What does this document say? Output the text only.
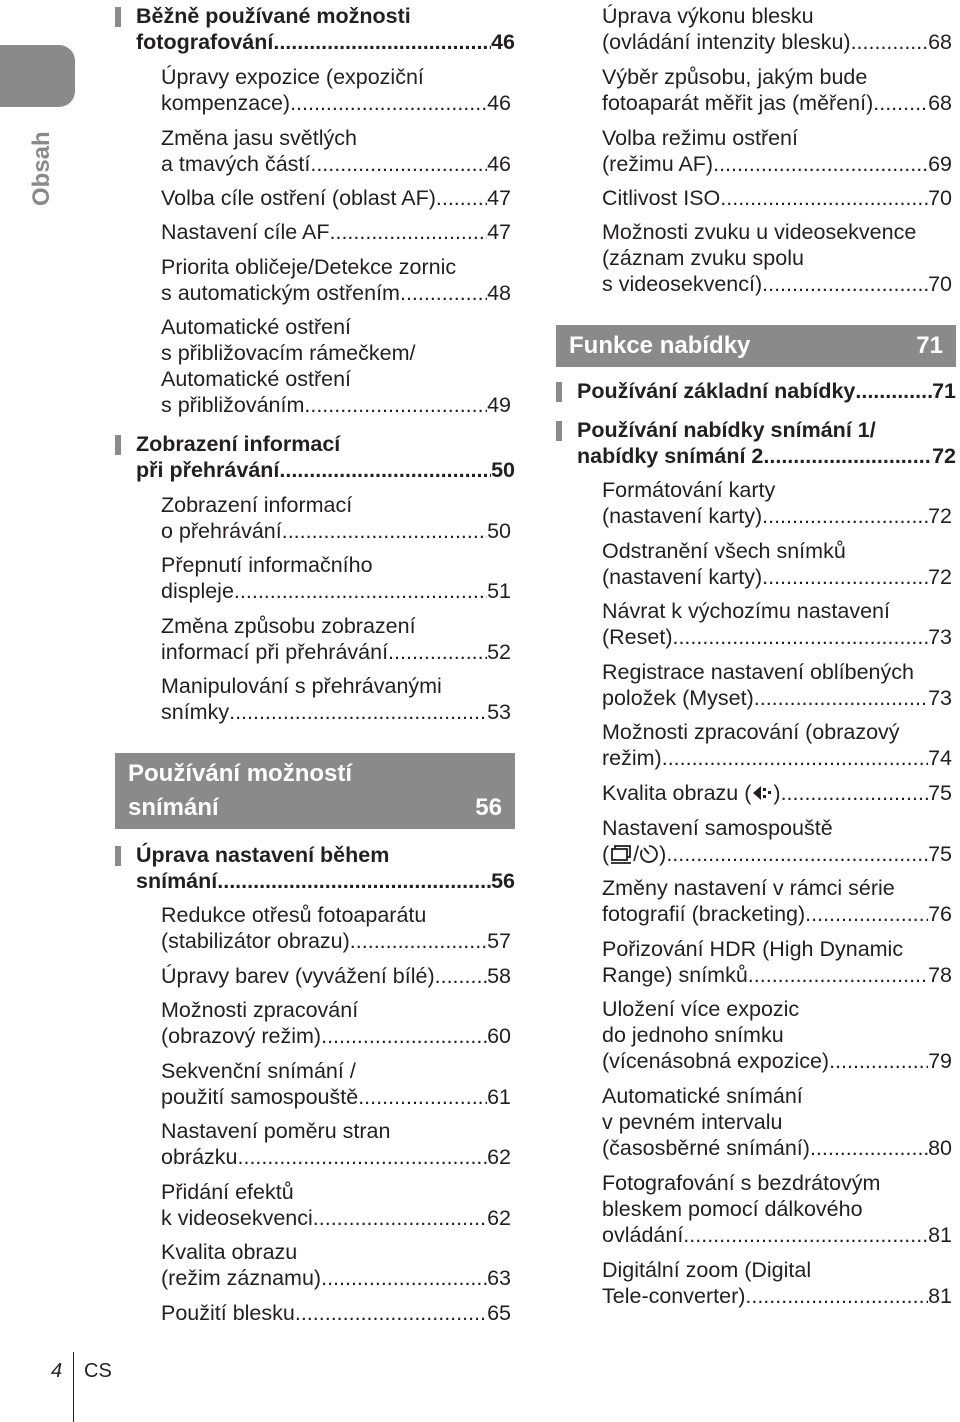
Obsah
Běžně používané možnosti
fotografování .....	46
Úpravy expozice (expoziční
kompenzace) .....	46
Změna jasu světlých
a tmavých částí .....	46
Volba cíle ostření (oblast AF) ..... 47
Nastavení cíle AF .....	47
Priorita obličeje/Detekce zornic
s automatickým ostřením .....	48
Automatické ostření
s přibližovacím rámečkem/
Automatické ostření
s přibližováním .....	49
Zobrazení informací
při přehrávání .....	50
Zobrazení informací
o přehrávání .....	50
Přepnutí informačního
displeje .....	51
Změna způsobu zobrazení
informací při přehrávání .....	52
Manipulování s přehrávanými
snímky .....	53
Používání možností
snímání	56
Úprava nastavení během
snímání .....	56
Redukce otřesů fotoaparátu
(stabilizátor obrazu) .....	57
Úpravy barev (vyvážení bílé) ..... 58
Možnosti zpracování
(obrazový režim) .....	60
Sekvenční snímání /
použití samospouště .....	61
Nastavení poměru stran
obrázku .....	62
Přidání efektů
k videosekvenci .....	62
Kvalita obrazu
(režim záznamu) .....	63
Použití blesku .....	65
Úprava výkonu blesku
(ovládání intenzity blesku) .....	68
Výběr způsobu, jakým bude
fotoaparát měřit jas (měření) .....	68
Volba režimu ostření
(režimu AF) .....	69
Citlivost ISO .....	70
Možnosti zvuku u videosekvence
(záznam zvuku spolu
s videosekvencí) .....	70
Funkce nabídky	71
Používání základní nabídky .....	71
Používání nabídky snímání 1/
nabídky snímání 2 .....	72
Formátování karty
(nastavení karty) .....	72
Odstranění všech snímků
(nastavení karty) .....	72
Návrat k výchozímu nastavení
(Reset) .....	73
Registrace nastavení oblíbených
položek (Myset) .....	73
Možnosti zpracování (obrazový
režim) .....	74
Kvalita obrazu ( ) .....	75
Nastavení samospouště
( / ) .....	75
Změny nastavení v rámci série
fotografií (bracketing) .....	76
Pořizování HDR (High Dynamic
Range) snímků .....	78
Uložení více expozic
do jednoho snímku
(vícenásobná expozice) .....	79
Automatické snímání
v pevném intervalu
(časosběrné snímání) .....	80
Fotografování s bezdrátovým
bleskem pomocí dálkového
ovládání .....	81
Digitální zoom (Digital
Tele-converter) .....	81
4 CS
